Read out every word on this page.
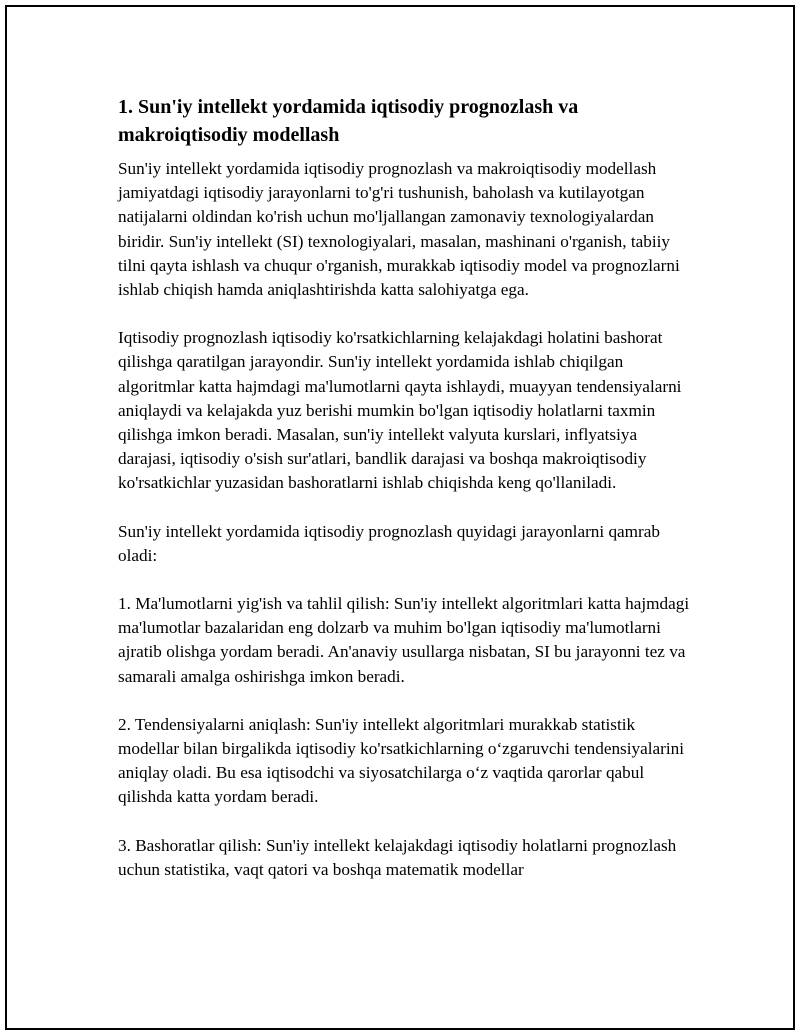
1. Sun'iy intellekt yordamida iqtisodiy prognozlash va makroiqtisodiy modellash

Sun'iy intellekt yordamida iqtisodiy prognozlash va makroiqtisodiy modellash jamiyatdagi iqtisodiy jarayonlarni to'g'ri tushunish, baholash va kutilayotgan natijalarni oldindan ko'rish uchun mo'ljallangan zamonaviy texnologiyalardan biridir. Sun'iy intellekt (SI) texnologiyalari, masalan, mashinani o'rganish, tabiiy tilni qayta ishlash va chuqur o'rganish, murakkab iqtisodiy model va prognozlarni ishlab chiqish hamda aniqlashtirishda katta salohiyatga ega.

Iqtisodiy prognozlash iqtisodiy ko'rsatkichlarning kelajakdagi holatini bashorat qilishga qaratilgan jarayondir. Sun'iy intellekt yordamida ishlab chiqilgan algoritmlar katta hajmdagi ma'lumotlarni qayta ishlaydi, muayyan tendensiyalarni aniqlaydi va kelajakda yuz berishi mumkin bo'lgan iqtisodiy holatlarni taxmin qilishga imkon beradi. Masalan, sun'iy intellekt valyuta kurslari, inflyatsiya darajasi, iqtisodiy o'sish sur'atlari, bandlik darajasi va boshqa makroiqtisodiy ko'rsatkichlar yuzasidan bashoratlarni ishlab chiqishda keng qo'llaniladi.

Sun'iy intellekt yordamida iqtisodiy prognozlash quyidagi jarayonlarni qamrab oladi:

1. Ma'lumotlarni yig'ish va tahlil qilish: Sun'iy intellekt algoritmlari katta hajmdagi ma'lumotlar bazalaridan eng dolzarb va muhim bo'lgan iqtisodiy ma'lumotlarni ajratib olishga yordam beradi. An'anaviy usullarga nisbatan, SI bu jarayonni tez va samarali amalga oshirishga imkon beradi.

2. Tendensiyalarni aniqlash: Sun'iy intellekt algoritmlari murakkab statistik modellar bilan birgalikda iqtisodiy ko'rsatkichlarning o‘zgaruvchi tendensiyalarini aniqlay oladi. Bu esa iqtisodchi va siyosatchilarga o‘z vaqtida qarorlar qabul qilishda katta yordam beradi.

3. Bashoratlar qilish: Sun'iy intellekt kelajakdagi iqtisodiy holatlarni prognozlash uchun statistika, vaqt qatori va boshqa matematik modellar
